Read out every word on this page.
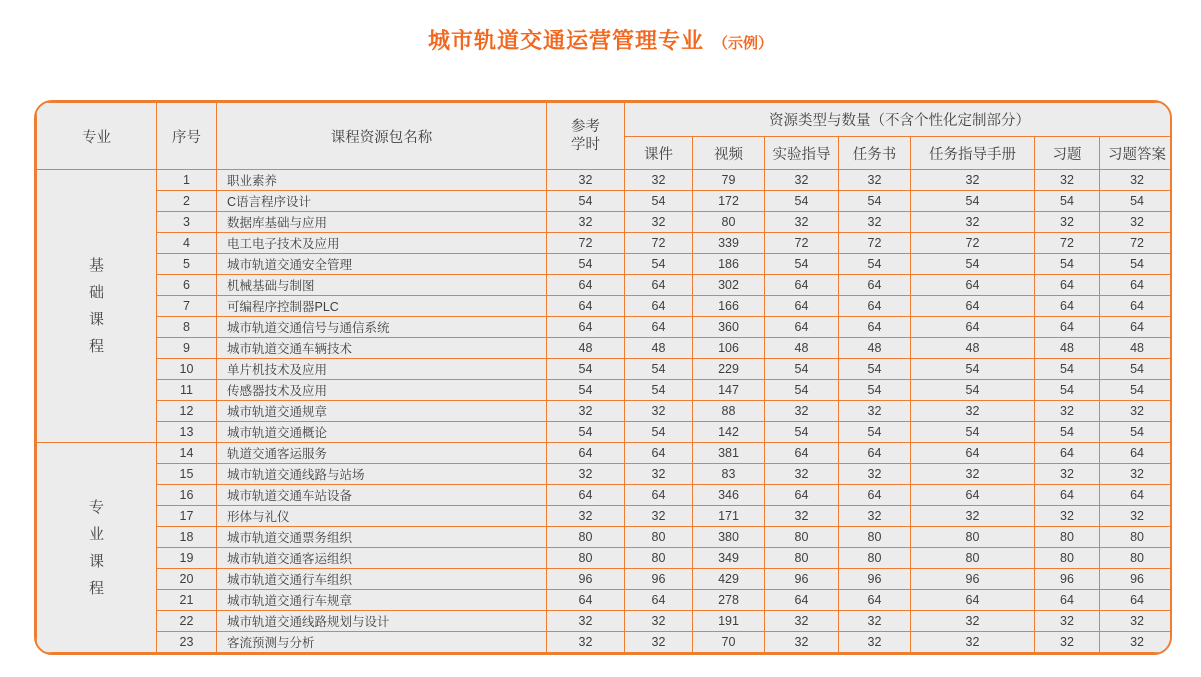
城市轨道交通运营管理专业 （示例）
专业	序号	课程资源包名称	参考学时	资源类型与数量（不含个性化定制部分）						
				课件	视频	实验指导	任务书	任务指导手册	习题	习题答案
基础课程	1	职业素养	32	32	79	32	32	32	32	32
	2	C语言程序设计	54	54	172	54	54	54	54	54
	3	数据库基础与应用	32	32	80	32	32	32	32	32
	4	电工电子技术及应用	72	72	339	72	72	72	72	72
	5	城市轨道交通安全管理	54	54	186	54	54	54	54	54
	6	机械基础与制图	64	64	302	64	64	64	64	64
	7	可编程序控制器PLC	64	64	166	64	64	64	64	64
	8	城市轨道交通信号与通信系统	64	64	360	64	64	64	64	64
	9	城市轨道交通车辆技术	48	48	106	48	48	48	48	48
	10	单片机技术及应用	54	54	229	54	54	54	54	54
	11	传感器技术及应用	54	54	147	54	54	54	54	54
	12	城市轨道交通规章	32	32	88	32	32	32	32	32
	13	城市轨道交通概论	54	54	142	54	54	54	54	54
专业课程	14	轨道交通客运服务	64	64	381	64	64	64	64	64
	15	城市轨道交通线路与站场	32	32	83	32	32	32	32	32
	16	城市轨道交通车站设备	64	64	346	64	64	64	64	64
	17	形体与礼仪	32	32	171	32	32	32	32	32
	18	城市轨道交通票务组织	80	80	380	80	80	80	80	80
	19	城市轨道交通客运组织	80	80	349	80	80	80	80	80
	20	城市轨道交通行车组织	96	96	429	96	96	96	96	96
	21	城市轨道交通行车规章	64	64	278	64	64	64	64	64
	22	城市轨道交通线路规划与设计	32	32	191	32	32	32	32	32
	23	客流预测与分析	32	32	70	32	32	32	32	32
